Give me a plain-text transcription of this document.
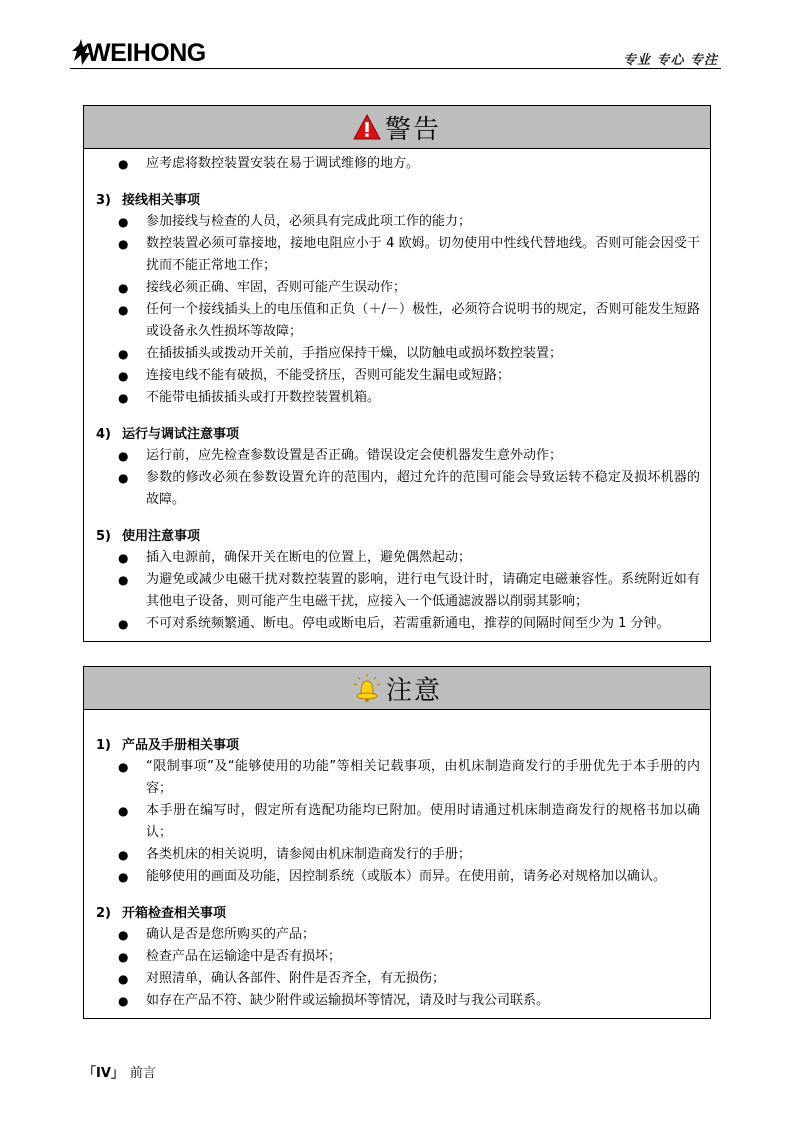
WEIHONG	专业 专心 专注
警告
●	应考虑将数控装置安装在易于调试维修的地方。
3) 接线相关事项
●	参加接线与检查的人员，必须具有完成此项工作的能力；
●	数控装置必须可靠接地，接地电阻应小于 4 欧姆。切勿使用中性线代替地线。否则可能会因受干扰而不能正常地工作；
●	接线必须正确、牢固，否则可能产生误动作；
●	任何一个接线插头上的电压值和正负（＋/－）极性，必须符合说明书的规定，否则可能发生短路或设备永久性损坏等故障；
●	在插拔插头或拨动开关前，手指应保持干燥，以防触电或损坏数控装置；
●	连接电线不能有破损，不能受挤压，否则可能发生漏电或短路；
●	不能带电插拔插头或打开数控装置机箱。
4) 运行与调试注意事项
●	运行前，应先检查参数设置是否正确。错误设定会使机器发生意外动作；
●	参数的修改必须在参数设置允许的范围内，超过允许的范围可能会导致运转不稳定及损坏机器的故障。
5) 使用注意事项
●	插入电源前，确保开关在断电的位置上，避免偶然起动；
●	为避免或减少电磁干扰对数控装置的影响，进行电气设计时，请确定电磁兼容性。系统附近如有其他电子设备，则可能产生电磁干扰，应接入一个低通滤波器以削弱其影响；
●	不可对系统频繁通、断电。停电或断电后，若需重新通电，推荐的间隔时间至少为 1 分钟。
注意
1) 产品及手册相关事项
●	“限制事项”及“能够使用的功能”等相关记载事项，由机床制造商发行的手册优先于本手册的内容；
●	本手册在编写时，假定所有选配功能均已附加。使用时请通过机床制造商发行的规格书加以确认；
●	各类机床的相关说明，请参阅由机床制造商发行的手册；
●	能够使用的画面及功能，因控制系统（或版本）而异。在使用前，请务必对规格加以确认。
2) 开箱检查相关事项
●	确认是否是您所购买的产品；
●	检查产品在运输途中是否有损坏；
●	对照清单，确认各部件、附件是否齐全，有无损伤；
●	如存在产品不符、缺少附件或运输损坏等情况，请及时与我公司联系。
「IV」 前言
